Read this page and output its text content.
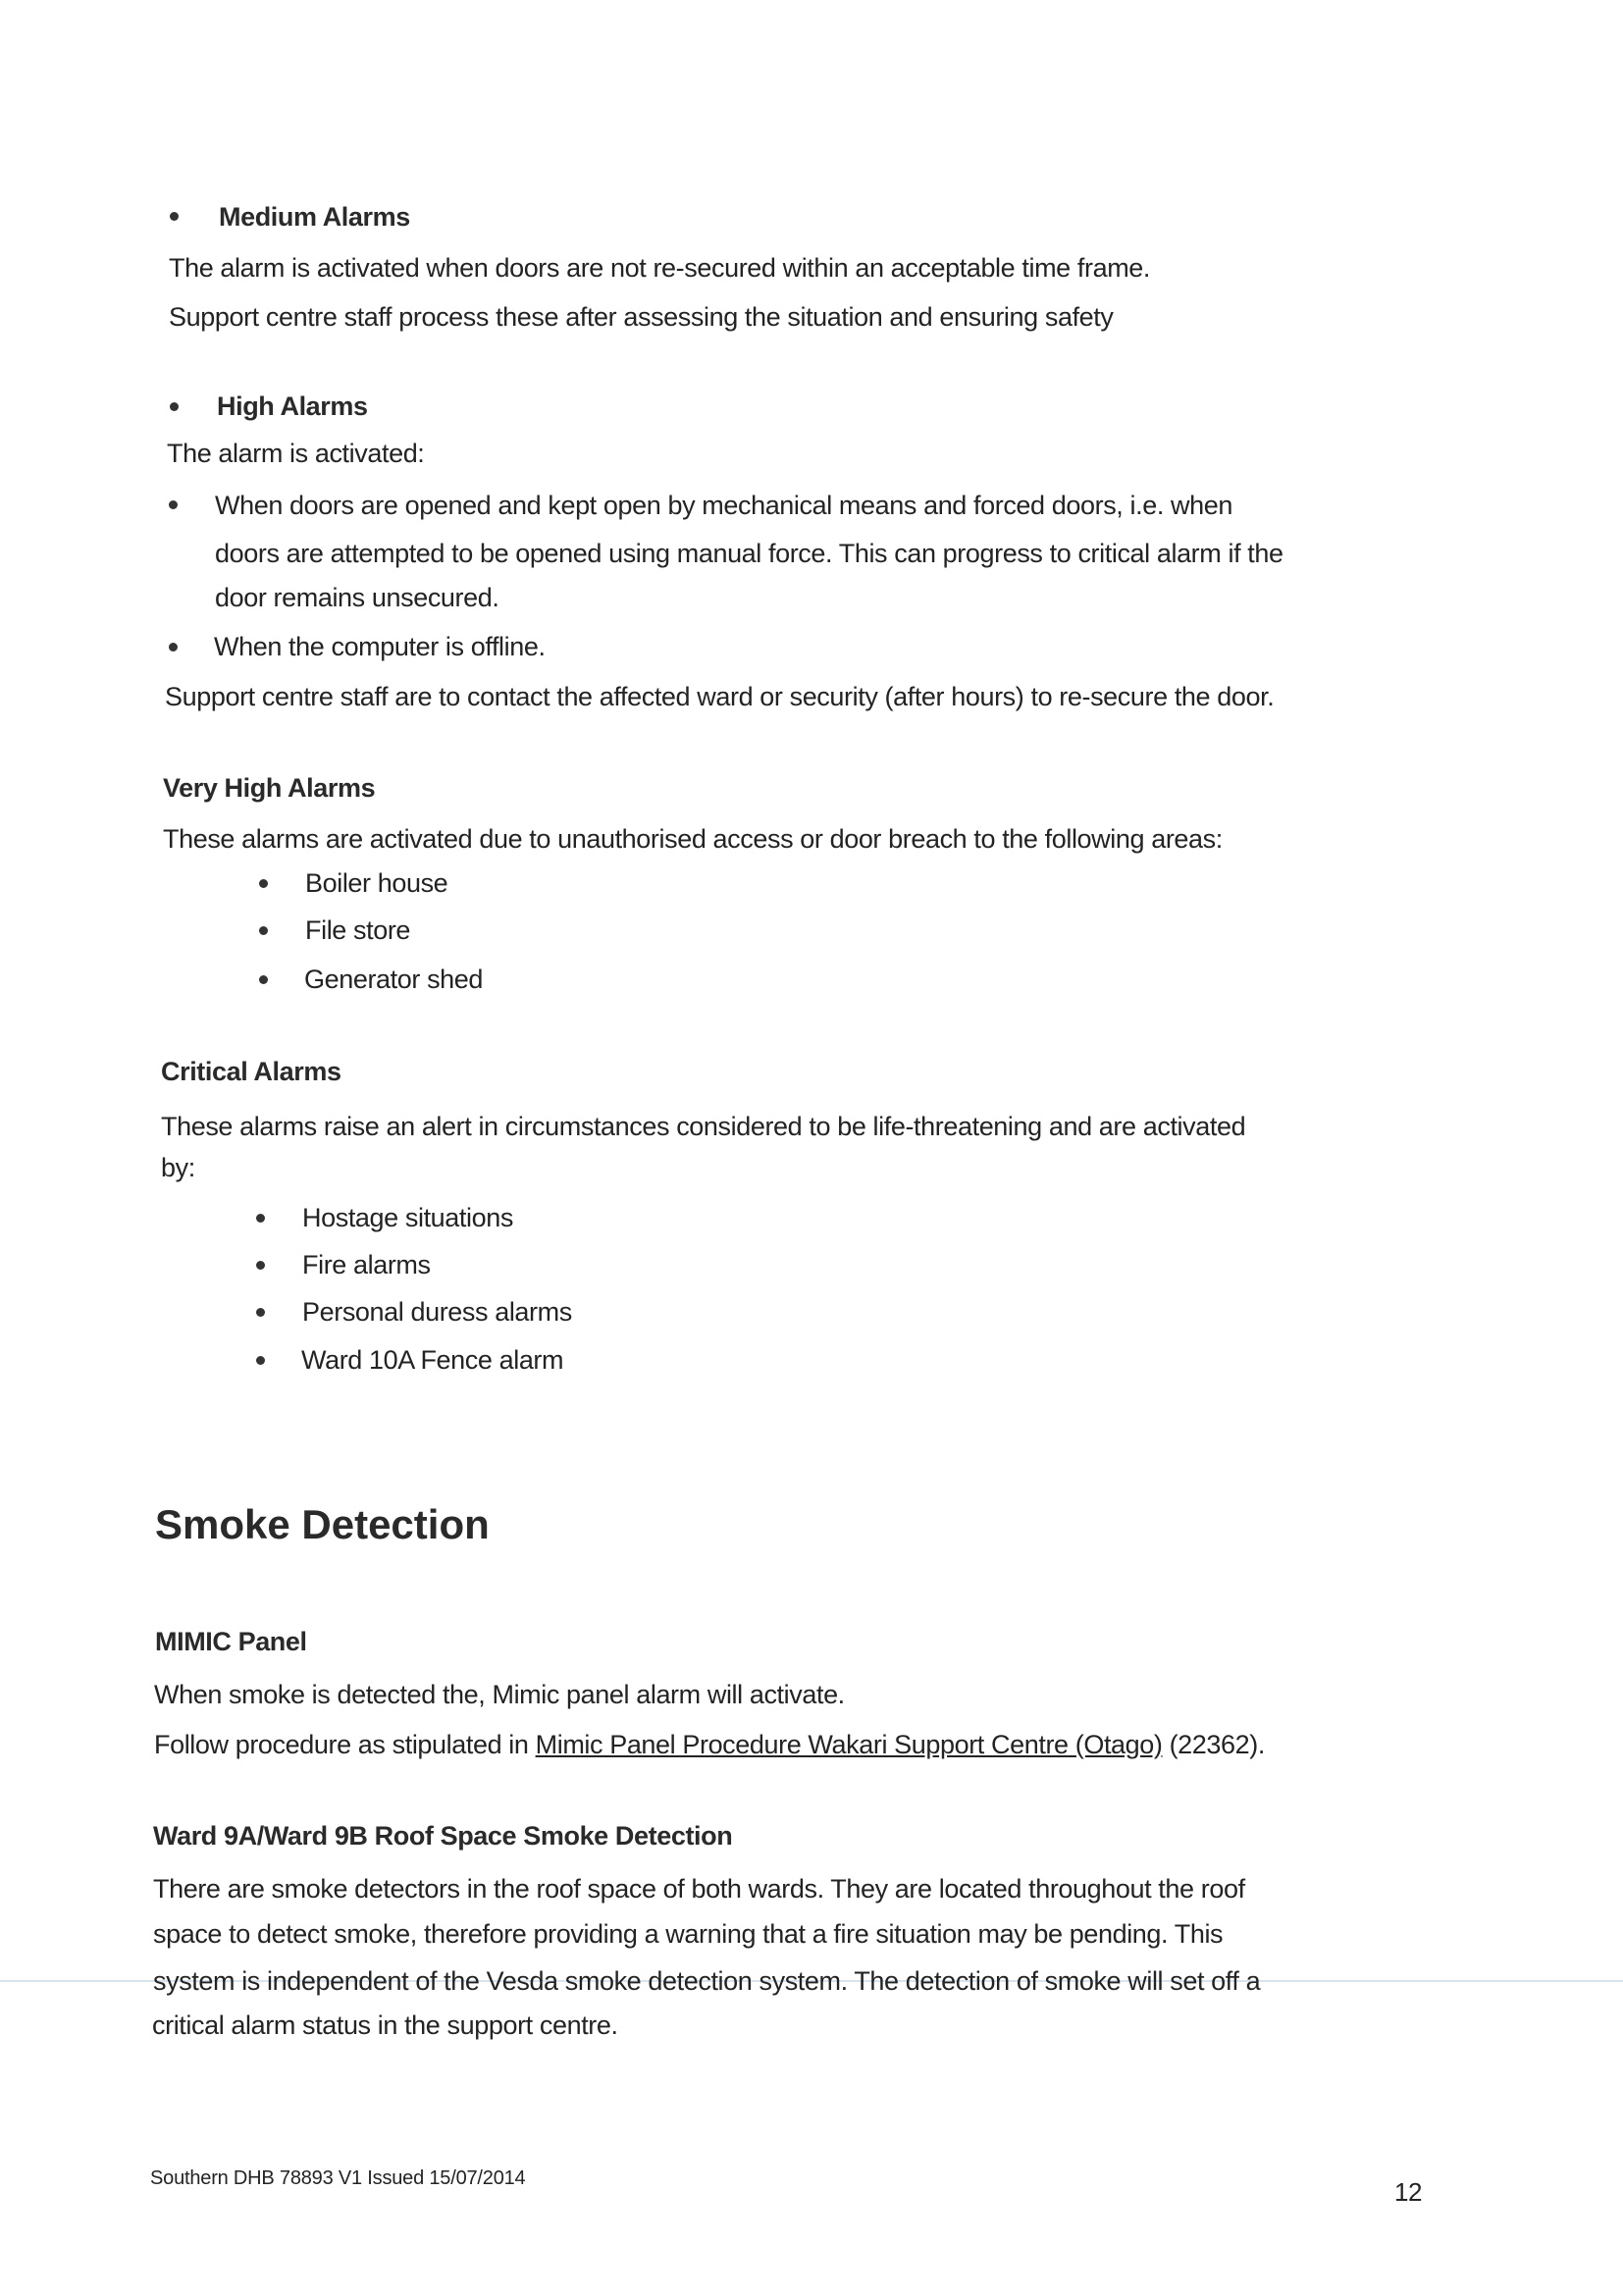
Medium Alarms
The alarm is activated when doors are not re-secured within an acceptable time frame.
Support centre staff process these after assessing the situation and ensuring safety
High Alarms
The alarm is activated:
When doors are opened and kept open by mechanical means and forced doors, i.e. when
doors are attempted to be opened using manual force. This can progress to critical alarm if the
door remains unsecured.
When the computer is offline.
Support centre staff are to contact the affected ward or security (after hours) to re-secure the door.
Very High Alarms
These alarms are activated due to unauthorised access or door breach to the following areas:
Boiler house
File store
Generator shed
Critical Alarms
These alarms raise an alert in circumstances considered to be life-threatening and are activated
by:
Hostage situations
Fire alarms
Personal duress alarms
Ward 10A Fence alarm
Smoke Detection
MIMIC Panel
When smoke is detected the, Mimic panel alarm will activate.
Follow procedure as stipulated in Mimic Panel Procedure Wakari Support Centre (Otago) (22362).
Ward 9A/Ward 9B Roof Space Smoke Detection
There are smoke detectors in the roof space of both wards. They are located throughout the roof
space to detect smoke, therefore providing a warning that a fire situation may be pending. This
system is independent of the Vesda smoke detection system. The detection of smoke will set off a
critical alarm status in the support centre.
Southern DHB 78893 V1 Issued 15/07/2014	12
